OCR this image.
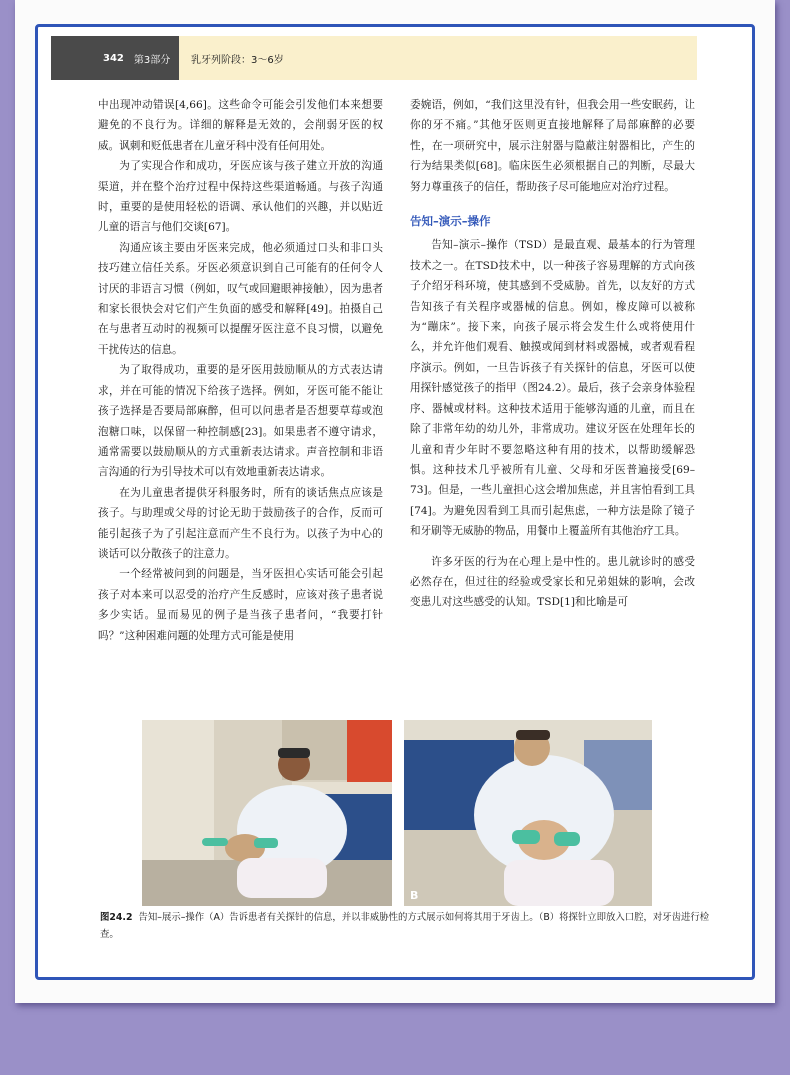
342 第3部分	乳牙列阶段：3～6岁

中出现冲动错误[4,66]。这些命令可能会引发他们本来想要避免的不良行为。详细的解释是无效的，会削弱牙医的权威。讽刺和贬低患者在儿童牙科中没有任何用处。

为了实现合作和成功，牙医应该与孩子建立开放的沟通渠道，并在整个治疗过程中保持这些渠道畅通。与孩子沟通时，重要的是使用轻松的语调、承认他们的兴趣，并以贴近儿童的语言与他们交谈[67]。

沟通应该主要由牙医来完成，他必须通过口头和非口头技巧建立信任关系。牙医必须意识到自己可能有的任何令人讨厌的非语言习惯（例如，叹气或回避眼神接触），因为患者和家长很快会对它们产生负面的感受和解释[49]。拍摄自己在与患者互动时的视频可以提醒牙医注意不良习惯，以避免干扰传达的信息。

为了取得成功，重要的是牙医用鼓励顺从的方式表达请求，并在可能的情况下给孩子选择。例如，牙医可能不能让孩子选择是否要局部麻醉，但可以问患者是否想要草莓或泡泡糖口味，以保留一种控制感[23]。如果患者不遵守请求，通常需要以鼓励顺从的方式重新表达请求。声音控制和非语言沟通的行为引导技术可以有效地重新表达请求。

在为儿童患者提供牙科服务时，所有的谈话焦点应该是孩子。与助理或父母的讨论无助于鼓励孩子的合作，反而可能引起孩子为了引起注意而产生不良行为。以孩子为中心的谈话可以分散孩子的注意力。

一个经常被问到的问题是，当牙医担心实话可能会引起孩子对本来可以忍受的治疗产生反感时，应该对孩子患者说多少实话。显而易见的例子是当孩子患者问，“我要打针吗？”这种困难问题的处理方式可能是使用

委婉语，例如，“我们这里没有针，但我会用一些安眠药，让你的牙不痛。”其他牙医则更直接地解释了局部麻醉的必要性，在一项研究中，展示注射器与隐蔽注射器相比，产生的行为结果类似[68]。临床医生必须根据自己的判断，尽最大努力尊重孩子的信任，帮助孩子尽可能地应对治疗过程。

告知–演示–操作

告知–演示–操作（TSD）是最直观、最基本的行为管理技术之一。在TSD技术中，以一种孩子容易理解的方式向孩子介绍牙科环境，使其感到不受威胁。首先，以友好的方式告知孩子有关程序或器械的信息。例如，橡皮障可以被称为“蹦床”。接下来，向孩子展示将会发生什么或将使用什么，并允许他们观看、触摸或闻到材料或器械，或者观看程序演示。例如，一旦告诉孩子有关探针的信息，牙医可以使用探针感觉孩子的指甲（图24.2）。最后，孩子会亲身体验程序、器械或材料。这种技术适用于能够沟通的儿童，而且在除了非常年幼的幼儿外，非常成功。建议牙医在处理年长的儿童和青少年时不要忽略这种有用的技术，以帮助缓解恐惧。这种技术几乎被所有儿童、父母和牙医普遍接受[69–73]。但是，一些儿童担心这会增加焦虑，并且害怕看到工具[74]。为避免因看到工具而引起焦虑，一种方法是除了镜子和牙刷等无威胁的物品，用餐巾上覆盖所有其他治疗工具。

许多牙医的行为在心理上是中性的。患儿就诊时的感受必然存在，但过往的经验或受家长和兄弟姐妹的影响，会改变患儿对这些感受的认知。TSD[1]和比喻是可

B
图24.2 告知–展示–操作（A）告诉患者有关探针的信息，并以非威胁性的方式展示如何将其用于牙齿上。（B）将探针立即放入口腔，对牙齿进行检查。
